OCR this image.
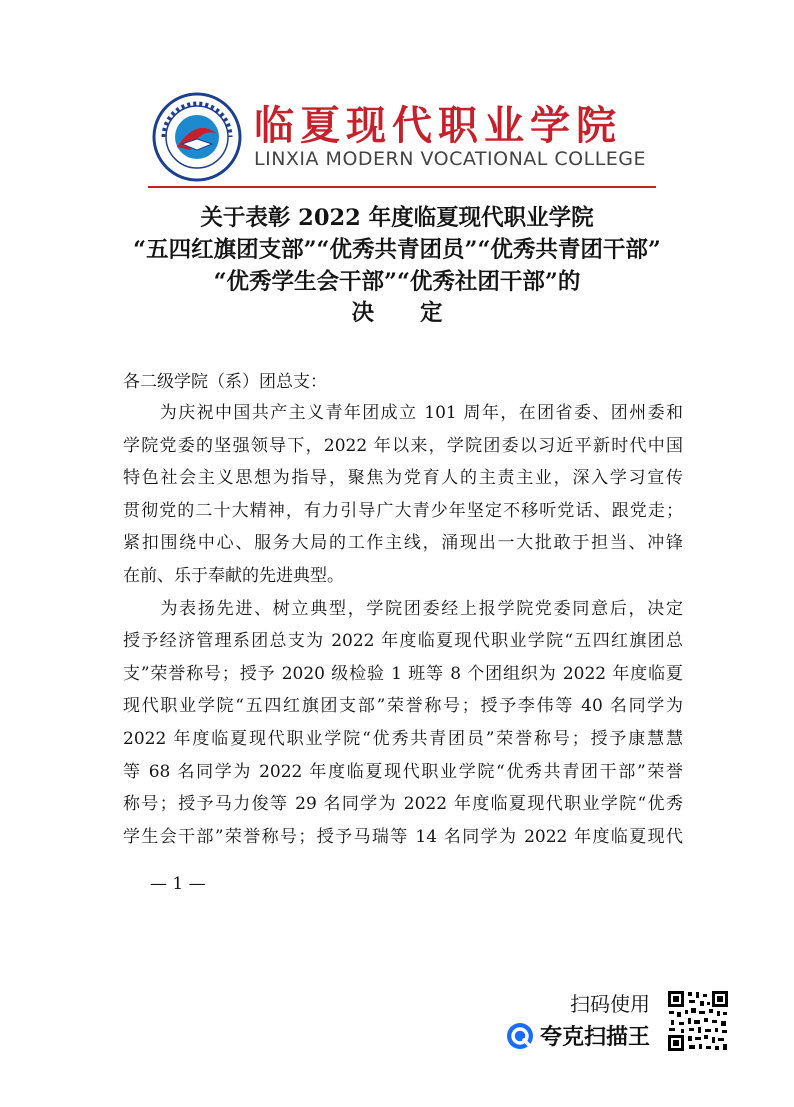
临夏现代职业学院
LINXIA MODERN VOCATIONAL COLLEGE
关于表彰 2022 年度临夏现代职业学院
“五四红旗团支部”“优秀共青团员”“优秀共青团干部”
“优秀学生会干部”“优秀社团干部”的
决定
各二级学院（系）团总支：
　　为庆祝中国共产主义青年团成立 101 周年，在团省委、团州委和
学院党委的坚强领导下，2022 年以来，学院团委以习近平新时代中国
特色社会主义思想为指导，聚焦为党育人的主责主业，深入学习宣传
贯彻党的二十大精神，有力引导广大青少年坚定不移听党话、跟党走；
紧扣围绕中心、服务大局的工作主线，涌现出一大批敢于担当、冲锋
在前、乐于奉献的先进典型。
　　为表扬先进、树立典型，学院团委经上报学院党委同意后，决定
授予经济管理系团总支为 2022 年度临夏现代职业学院“五四红旗团总
支”荣誉称号；授予 2020 级检验 1 班等 8 个团组织为 2022 年度临夏
现代职业学院“五四红旗团支部”荣誉称号；授予李伟等 40 名同学为
2022 年度临夏现代职业学院“优秀共青团员”荣誉称号；授予康慧慧
等 68 名同学为 2022 年度临夏现代职业学院“优秀共青团干部”荣誉
称号；授予马力俊等 29 名同学为 2022 年度临夏现代职业学院“优秀
学生会干部”荣誉称号；授予马瑞等 14 名同学为 2022 年度临夏现代
— 1 —
扫码使用
夸克扫描王
